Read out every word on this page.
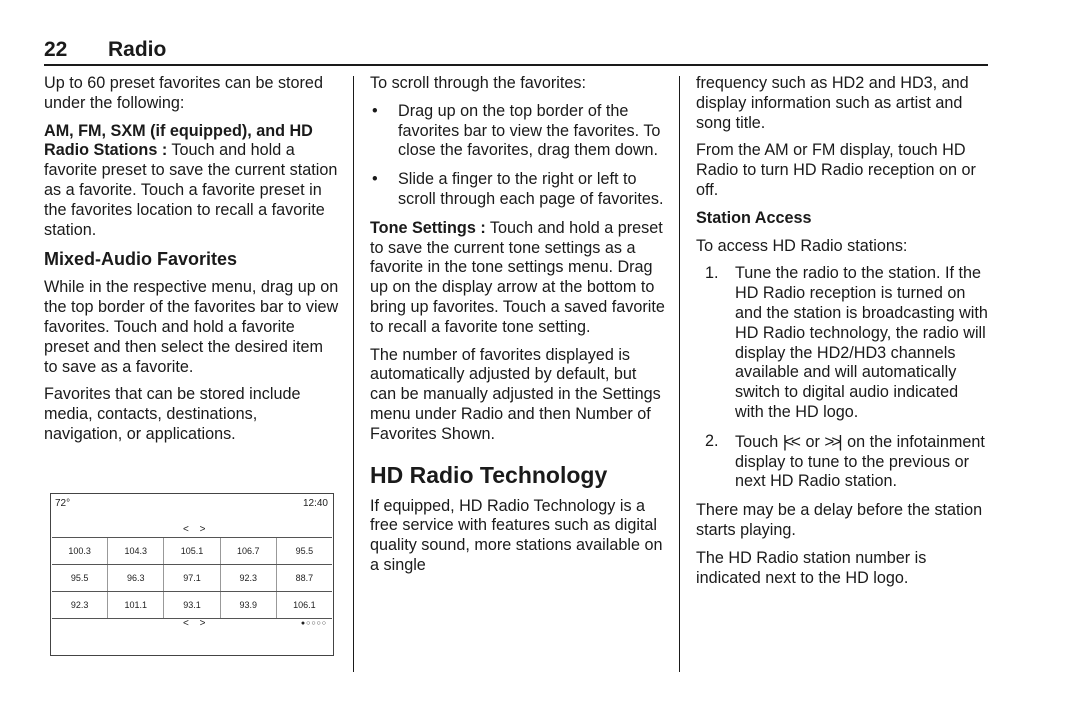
22 Radio

Up to 60 preset favorites can be stored under the following:

AM, FM, SXM (if equipped), and HD Radio Stations : Touch and hold a favorite preset to save the current station as a favorite. Touch a favorite preset in the favorites location to recall a favorite station.

Mixed-Audio Favorites

While in the respective menu, drag up on the top border of the favorites bar to view favorites. Touch and hold a favorite preset and then select the desired item to save as a favorite.

Favorites that can be stored include media, contacts, destinations, navigation, or applications.

72°	12:40
< >
100.3	104.3	105.1	106.7	95.5
95.5	96.3	97.1	92.3	88.7
92.3	101.1	93.1	93.9	106.1
< >	●○○○○

To scroll through the favorites:

• Drag up on the top border of the favorites bar to view the favorites. To close the favorites, drag them down.
• Slide a finger to the right or left to scroll through each page of favorites.

Tone Settings : Touch and hold a preset to save the current tone settings as a favorite in the tone settings menu. Drag up on the display arrow at the bottom to bring up favorites. Touch a saved favorite to recall a favorite tone setting.

The number of favorites displayed is automatically adjusted by default, but can be manually adjusted in the Settings menu under Radio and then Number of Favorites Shown.

HD Radio Technology

If equipped, HD Radio Technology is a free service with features such as digital quality sound, more stations available on a single

frequency such as HD2 and HD3, and display information such as artist and song title.

From the AM or FM display, touch HD Radio to turn HD Radio reception on or off.

Station Access

To access HD Radio stations:

1. Tune the radio to the station. If the HD Radio reception is turned on and the station is broadcasting with HD Radio technology, the radio will display the HD2/HD3 channels available and will automatically switch to digital audio indicated with the HD logo.
2. Touch |<< or >>| on the infotainment display to tune to the previous or next HD Radio station.

There may be a delay before the station starts playing.

The HD Radio station number is indicated next to the HD logo.
